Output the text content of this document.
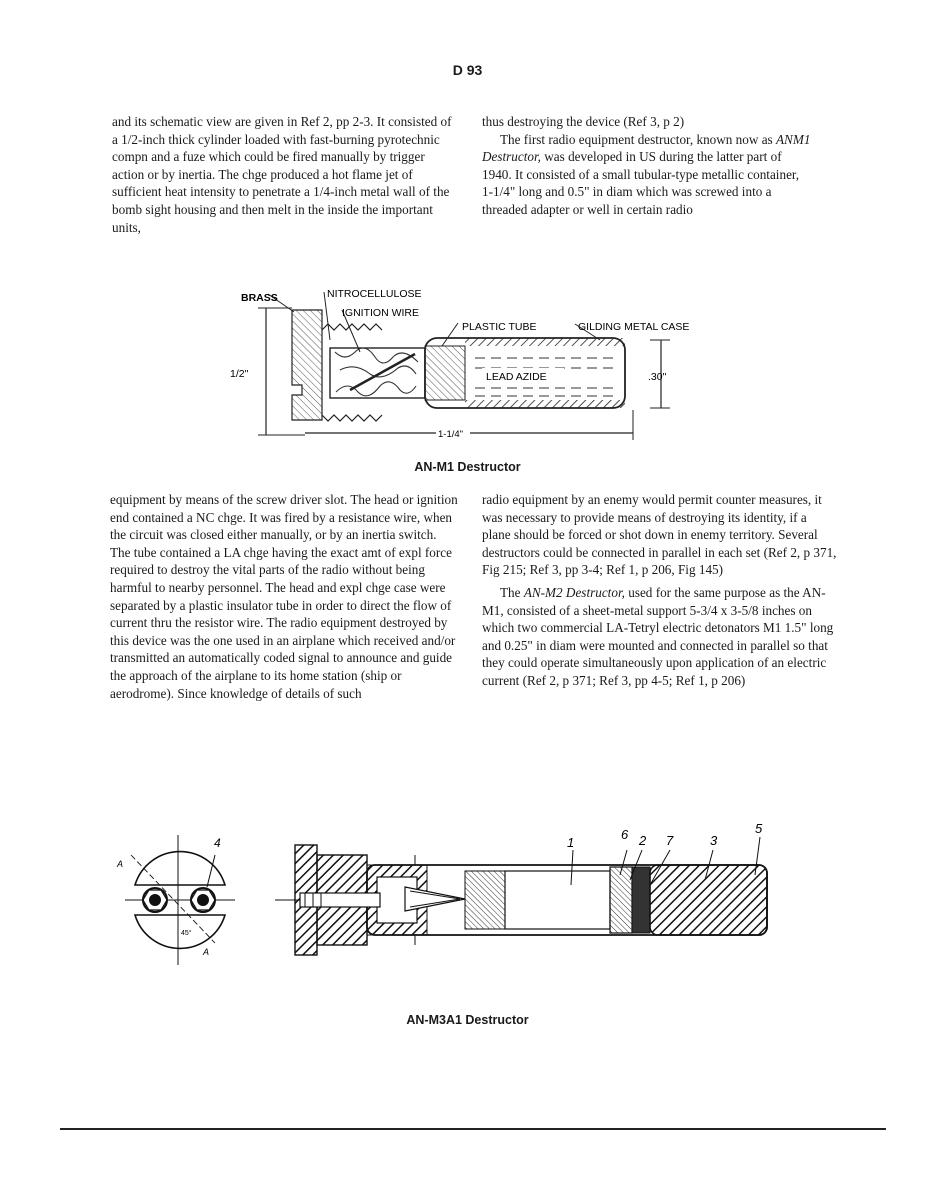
D 93

and its schematic view are given in Ref 2, pp 2-3. It consisted of a 1/2-inch thick cylinder loaded with fast-burning pyrotechnic compn and a fuze which could be fired manually by trigger action or by inertia. The chge produced a hot flame jet of sufficient heat intensity to penetrate a 1/4-inch metal wall of the bomb sight housing and then melt in the inside the important units,

thus destroying the device (Ref 3, p 2)

The first radio equipment destructor, known now as ANM1 Destructor, was developed in US during the latter part of 1940. It consisted of a small tubular-type metallic container, 1-1/4" long and 0.5" in diam which was screwed into a threaded adapter or well in certain radio

BRASS	NITROCELLULOSE
IGNITION WIRE
PLASTIC TUBE	GILDING METAL CASE
LEAD AZIDE
1/2"	.30"
1-1/4"
AN-M1 Destructor

equipment by means of the screw driver slot. The head or ignition end contained a NC chge. It was fired by a resistance wire, when the circuit was closed either manually, or by an inertia switch. The tube contained a LA chge having the exact amt of expl force required to destroy the vital parts of the radio without being harmful to nearby personnel. The head and expl chge case were separated by a plastic insulator tube in order to direct the flow of current thru the resistor wire. The radio equipment destroyed by this device was the one used in an airplane which received and/or transmitted an automatically coded signal to announce and guide the approach of the airplane to its home station (ship or aerodrome). Since knowledge of details of such

radio equipment by an enemy would permit counter measures, it was necessary to provide means of destroying its identity, if a plane should be forced or shot down in enemy territory. Several destructors could be connected in parallel in each set (Ref 2, p 371, Fig 215; Ref 3, pp 3-4; Ref 1, p 206, Fig 145)

The AN-M2 Destructor, used for the same purpose as the AN-M1, consisted of a sheet-metal support 5-3/4 x 3-5/8 inches on which two commercial LA-Tetryl electric detonators M1 1.5" long and 0.25" in diam were mounted and connected in parallel so that they could operate simultaneously upon application of an electric current (Ref 2, p 371; Ref 3, pp 4-5; Ref 1, p 206)

4
A
A
45°
1
6 2 7	3
5
AN-M3A1 Destructor
